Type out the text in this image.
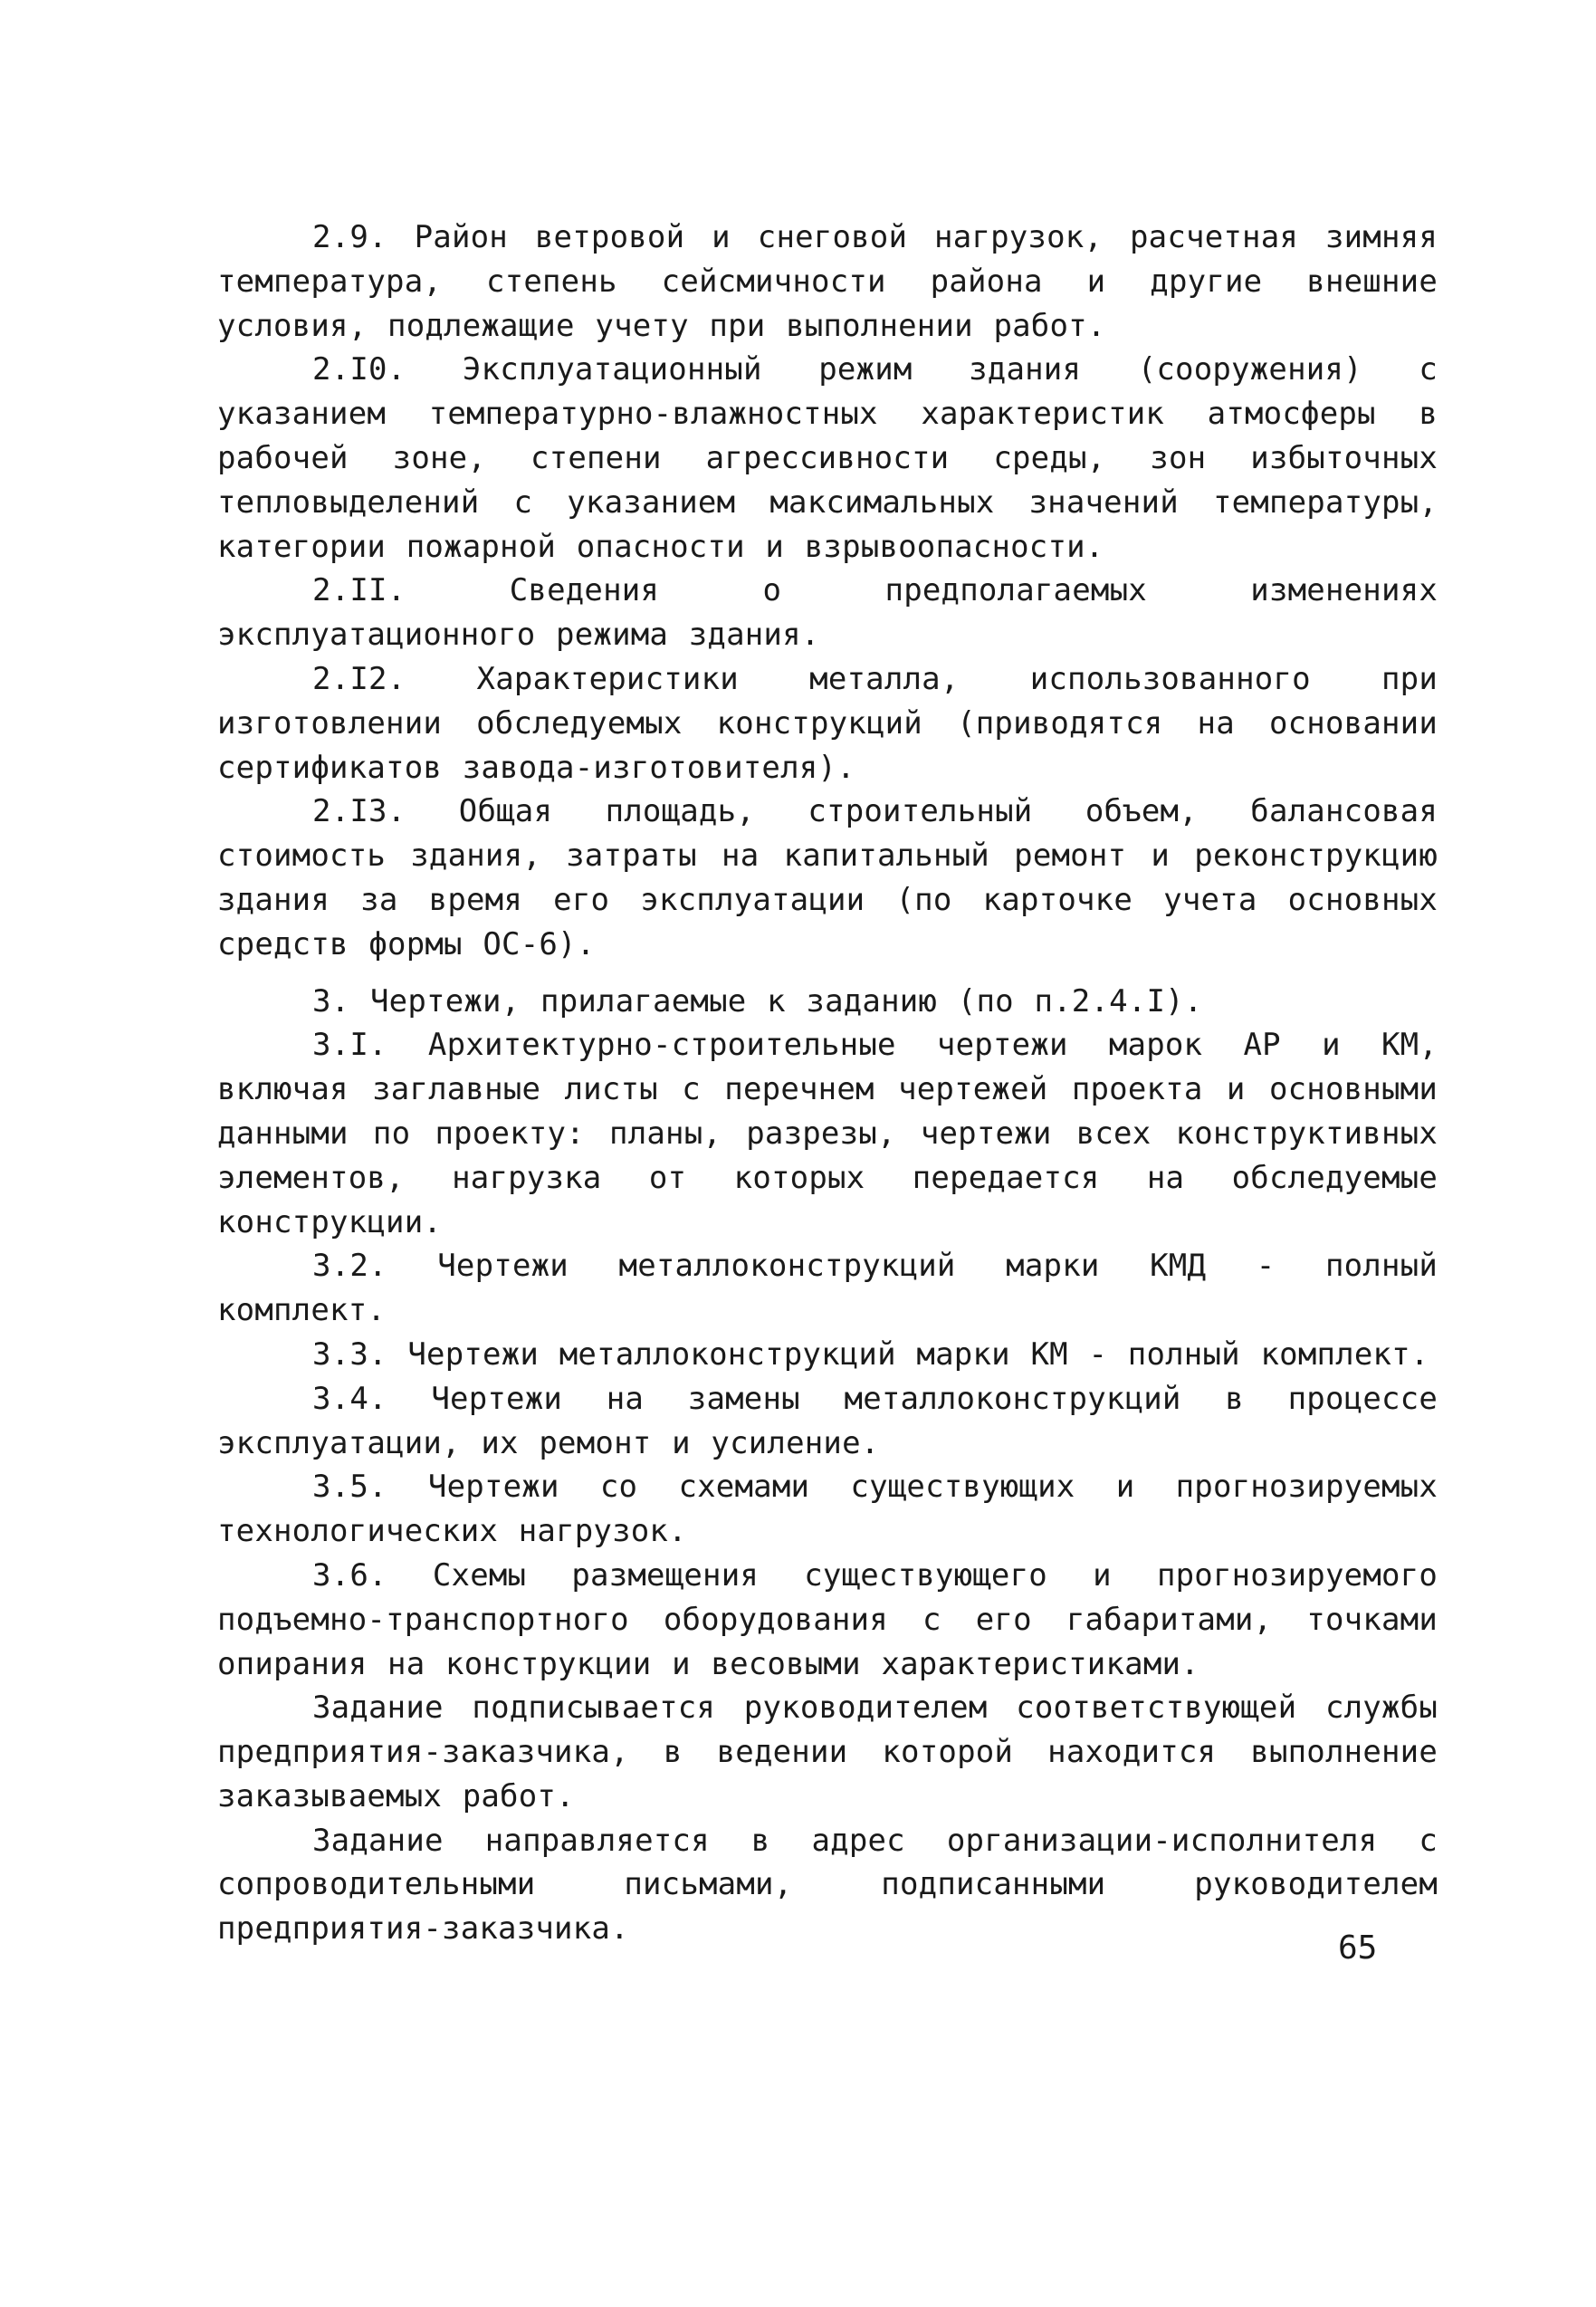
2.9. Район ветровой и снеговой нагрузок, расчетная зимняя температура, степень сейсмичности района и другие внешние условия, подлежащие учету при выполнении работ.

2.I0. Эксплуатационный режим здания (сооружения) с указанием температурно-влажностных характеристик атмосферы в рабочей зоне, степени агрессивности среды, зон избыточных тепловыделений с указанием максимальных значений температуры, категории пожарной опасности и взрывоопасности.

2.II. Сведения о предполагаемых изменениях эксплуатационного режима здания.

2.I2. Характеристики металла, использованного при изготовлении обследуемых конструкций (приводятся на основании сертификатов завода-изготовителя).

2.I3. Общая площадь, строительный объем, балансовая стоимость здания, затраты на капитальный ремонт и реконструкцию здания за время его эксплуатации (по карточке учета основных средств формы ОС-6).

3. Чертежи, прилагаемые к заданию (по п.2.4.I).

3.I. Архитектурно-строительные чертежи марок АР и КМ, включая заглавные листы с перечнем чертежей проекта и основными данными по проекту: планы, разрезы, чертежи всех конструктивных элементов, нагрузка от которых передается на обследуемые конструкции.

3.2. Чертежи металлоконструкций марки КМД - полный комплект.

3.3. Чертежи металлоконструкций марки КМ - полный комплект.

3.4. Чертежи на замены металлоконструкций в процессе эксплуатации, их ремонт и усиление.

3.5. Чертежи со схемами существующих и прогнозируемых технологических нагрузок.

3.6. Схемы размещения существующего и прогнозируемого подъемно-транспортного оборудования с его габаритами, точками опирания на конструкции и весовыми характеристиками.

Задание подписывается руководителем соответствующей службы предприятия-заказчика, в ведении которой находится выполнение заказываемых работ.

Задание направляется в адрес организации-исполнителя с сопроводительными письмами, подписанными руководителем предприятия-заказчика.

65
